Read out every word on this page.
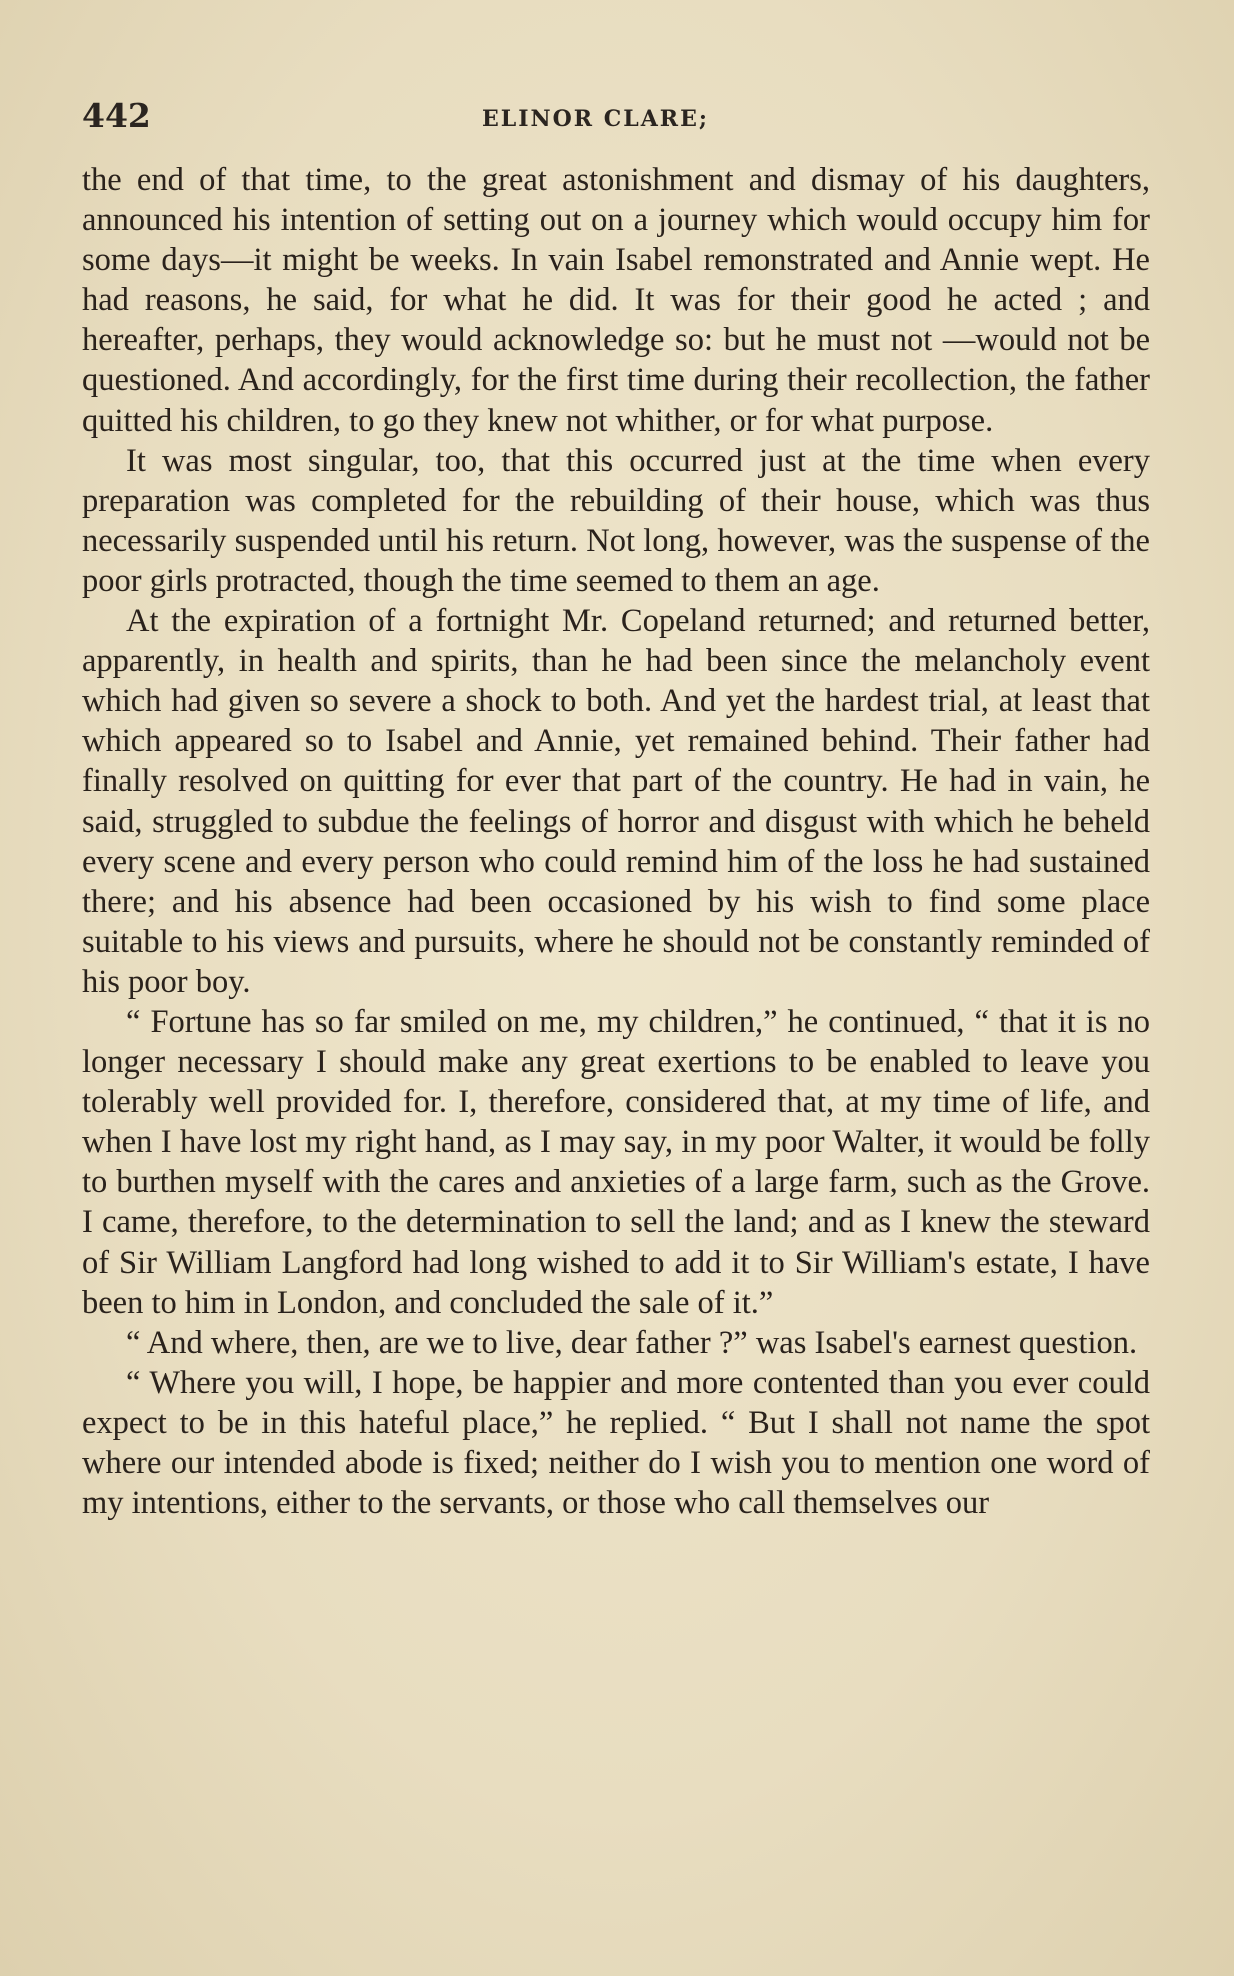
442	ELINOR CLARE;

the end of that time, to the great astonishment and dismay of his daughters, announced his intention of setting out on a journey which would occupy him for some days—it might be weeks. In vain Isabel remonstrated and Annie wept. He had reasons, he said, for what he did. It was for their good he acted ; and hereafter, perhaps, they would acknowledge so: but he must not —would not be questioned. And accordingly, for the first time during their recollection, the father quitted his children, to go they knew not whither, or for what purpose.

It was most singular, too, that this occurred just at the time when every preparation was completed for the rebuilding of their house, which was thus necessarily suspended until his return. Not long, however, was the suspense of the poor girls protracted, though the time seemed to them an age.

At the expiration of a fortnight Mr. Copeland returned; and returned better, apparently, in health and spirits, than he had been since the melancholy event which had given so severe a shock to both. And yet the hardest trial, at least that which appeared so to Isabel and Annie, yet remained behind. Their father had finally resolved on quitting for ever that part of the country. He had in vain, he said, struggled to subdue the feelings of horror and disgust with which he beheld every scene and every person who could remind him of the loss he had sustained there; and his absence had been occasioned by his wish to find some place suitable to his views and pursuits, where he should not be constantly reminded of his poor boy.

“ Fortune has so far smiled on me, my children,” he continued, “ that it is no longer necessary I should make any great exertions to be enabled to leave you tolerably well provided for. I, therefore, considered that, at my time of life, and when I have lost my right hand, as I may say, in my poor Walter, it would be folly to burthen myself with the cares and anxieties of a large farm, such as the Grove. I came, therefore, to the determination to sell the land; and as I knew the steward of Sir William Langford had long wished to add it to Sir William's estate, I have been to him in London, and concluded the sale of it.”

“ And where, then, are we to live, dear father ?” was Isabel's earnest question.

“ Where you will, I hope, be happier and more contented than you ever could expect to be in this hateful place,” he replied. “ But I shall not name the spot where our intended abode is fixed; neither do I wish you to mention one word of my intentions, either to the servants, or those who call themselves our
